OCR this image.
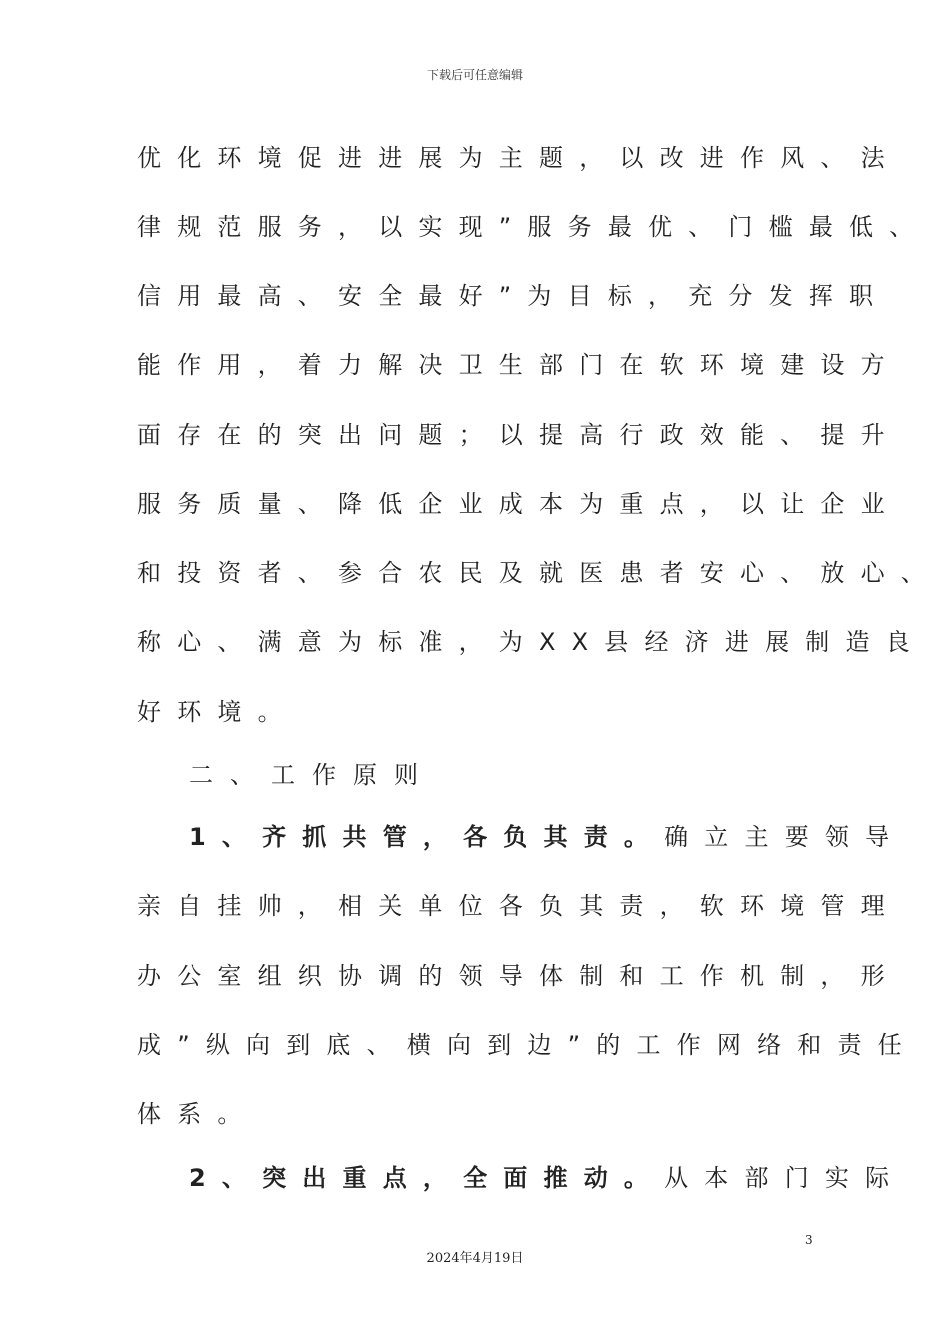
下载后可任意编辑
优化环境促进进展为主题，以改进作风、法
律规范服务，以实现”服务最优、门槛最低、
信用最高、安全最好”为目标，充分发挥职
能作用，着力解决卫生部门在软环境建设方
面存在的突出问题；以提高行政效能、提升
服务质量、降低企业成本为重点，以让企业
和投资者、参合农民及就医患者安心、放心、
称心、满意为标准，为XX县经济进展制造良
好环境。
二、工作原则
1、齐抓共管，各负其责。确立主要领导
亲自挂帅，相关单位各负其责，软环境管理
办公室组织协调的领导体制和工作机制，形
成”纵向到底、横向到边”的工作网络和责任
体系。
2、突出重点，全面推动。从本部门实际
3
2024年4月19日
